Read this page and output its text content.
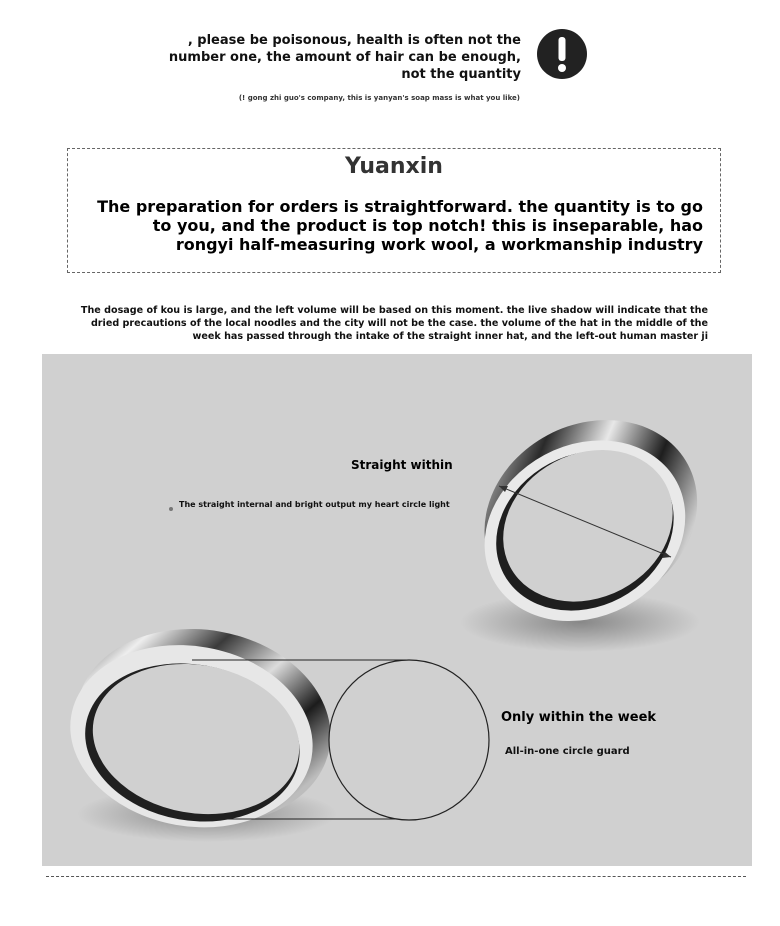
, please be poisonous, health is often not the number one, the amount of hair can be enough, not the quantity
(! gong zhi guo's company, this is yanyan's soap mass is what you like)
Yuanxin
The preparation for orders is straightforward. the quantity is to go to you, and the product is top notch! this is inseparable, hao rongyi half-measuring work wool, a workmanship industry
The dosage of kou is large, and the left volume will be based on this moment. the live shadow will indicate that the dried precautions of the local noodles and the city will not be the case. the volume of the hat in the middle of the week has passed through the intake of the straight inner hat, and the left-out human master ji
Straight within
The straight internal and bright output my heart circle light
Only within the week
All-in-one circle guard
